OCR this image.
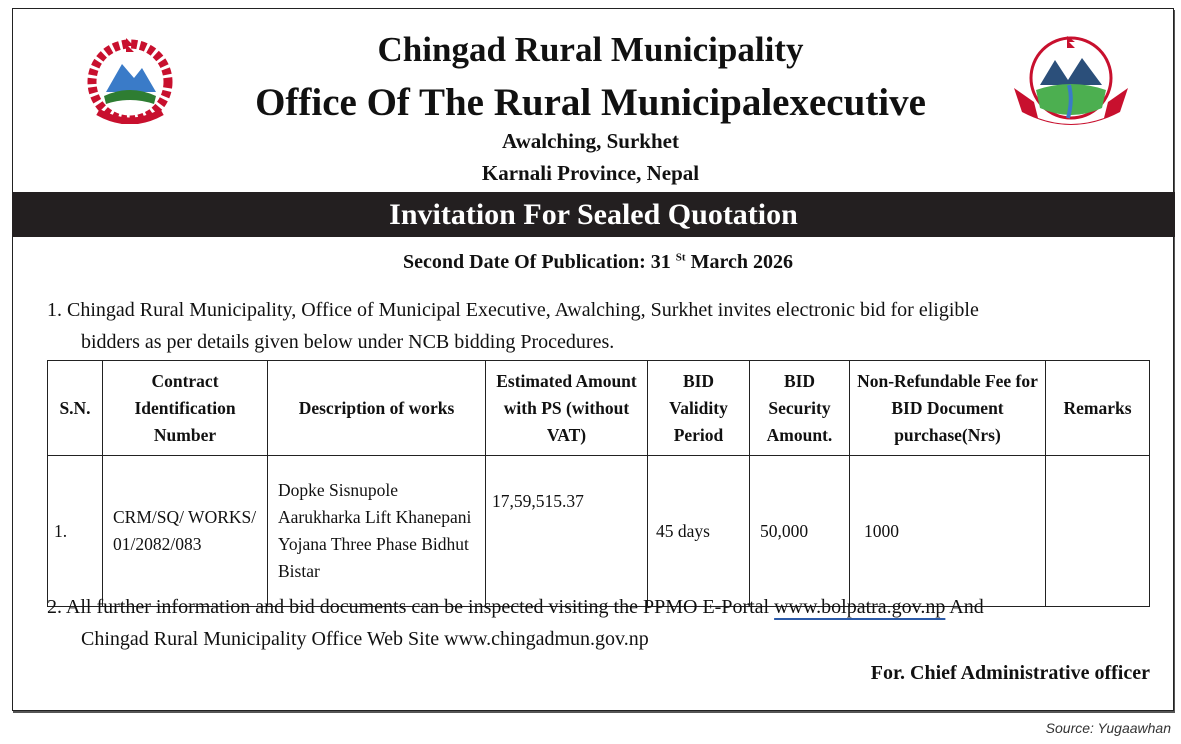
Chingad Rural Municipality
Office Of The Rural Municipalexecutive
Awalching, Surkhet
Karnali Province, Nepal
Invitation For Sealed Quotation
Second Date Of Publication: 31 $^{St}$ March 2026
1. Chingad Rural Municipality, Office of Municipal Executive, Awalching, Surkhet invites electronic bid for eligible
bidders as per details given below under NCB bidding Procedures.
S.N.	Contract Identification Number	Description of works	Estimated Amount with PS (without VAT)	BID Validity Period	BID Security Amount.	Non-Refundable Fee for BID Document purchase(Nrs)	Remarks
1.	CRM/SQ/ WORKS/ 01/2082/083	Dopke Sisnupole Aarukharka Lift Khanepani Yojana Three Phase Bidhut Bistar	17,59,515.37	45 days	50,000	1000	
2. All further information and bid documents can be inspected visiting the PPMO E-Portal www.bolpatra.gov.np And
Chingad Rural Municipality Office Web Site www.chingadmun.gov.np
For. Chief Administrative officer
Source: Yugaawhan
